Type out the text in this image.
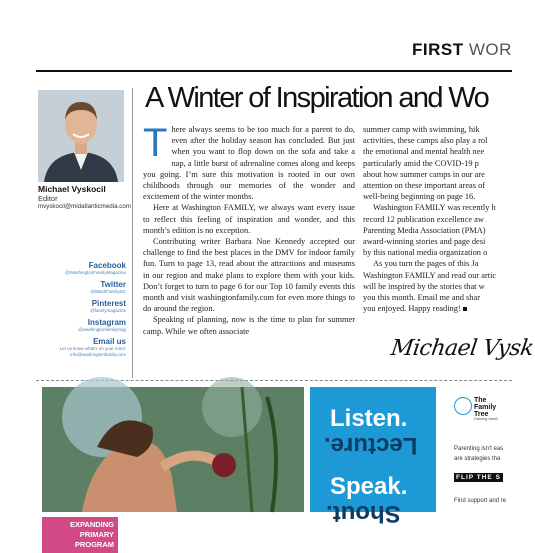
FIRST WOR
Michael Vyskocil
Editor
mvyskocil@midatlanticmedia.com
Facebook
@WashingtonFamilyMagazine
Twitter
@WashFamilyDC
Pinterest
@familymagazine
Instagram
@washingtonfamilymag
Email us
Let us know what's on your mind: info@washingtonfamily.com
A Winter of Inspiration and Wo
T here always seems to be too much for a parent to do, even after the holiday season has concluded. But just when you want to flop down on the sofa and take a nap, a little burst of adrenaline comes along and keeps you going. I’m sure this motivation is rooted in our own childhoods through our memories of the wonder and excitement of the winter months.

Here at Washington FAMILY, we always want every issue to reflect this feeling of inspiration and wonder, and this month’s edition is no exception.

Contributing writer Barbara Noe Kennedy accepted our challenge to find the best places in the DMV for indoor family fun. Turn to page 13, read about the attractions and museums in our region and make plans to explore them with your kids. Don’t forget to turn to page 6 for our Top 10 family events this month and visit washingtonfamily.com for even more things to do around the region.

Speaking of planning, now is the time to plan for summer camp. While we often associate

summer camp with swimming, hik
activities, these camps also play a rol
the emotional and mental health nee
particularly amid the COVID-19 p
about how summer camps in our are
attention on these important areas of
well-being beginning on page 16.
Washington FAMILY was recently h
record 12 publication excellence aw
Parenting Media Association (PMA)
award-winning stories and page desi
by this national media organization o
As you turn the pages of this Ja
Washington FAMILY and read our artic
will be inspired by the stories that w
you this month. Email me and shar
you enjoyed. Happy reading!
Michael Vysk
EXPANDING
PRIMARY
PROGRAM
Listen.
Lecture.
Speak.
Shout.
The
Family
Tree
Raising famili
Parenting isn't eas
are strategies tha
FLIP THE S
Find support and re
